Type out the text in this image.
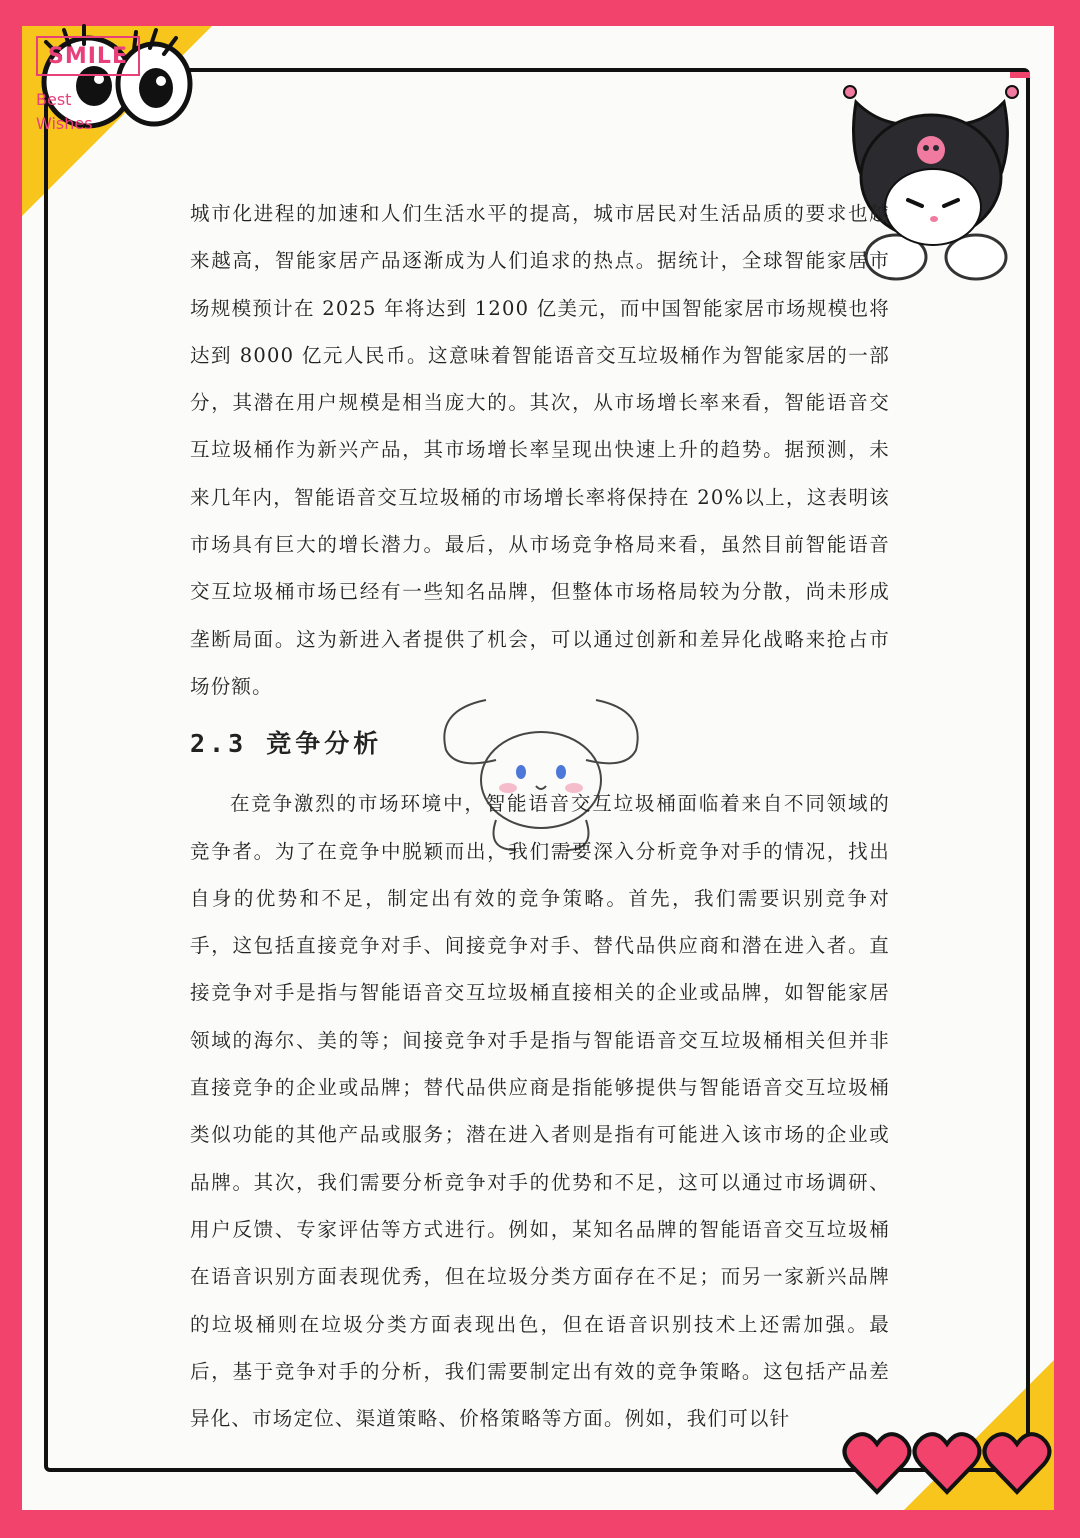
SMILE
Best
Wishes

城市化进程的加速和人们生活水平的提高，城市居民对生活品质的要求也越来越高，智能家居产品逐渐成为人们追求的热点。据统计，全球智能家居市场规模预计在 2025 年将达到 1200 亿美元，而中国智能家居市场规模也将达到 8000 亿元人民币。这意味着智能语音交互垃圾桶作为智能家居的一部分，其潜在用户规模是相当庞大的。其次，从市场增长率来看，智能语音交互垃圾桶作为新兴产品，其市场增长率呈现出快速上升的趋势。据预测，未来几年内，智能语音交互垃圾桶的市场增长率将保持在 20%以上，这表明该市场具有巨大的增长潜力。最后，从市场竞争格局来看，虽然目前智能语音交互垃圾桶市场已经有一些知名品牌，但整体市场格局较为分散，尚未形成垄断局面。这为新进入者提供了机会，可以通过创新和差异化战略来抢占市场份额。

2.3 竞争分析

在竞争激烈的市场环境中，智能语音交互垃圾桶面临着来自不同领域的竞争者。为了在竞争中脱颖而出，我们需要深入分析竞争对手的情况，找出自身的优势和不足，制定出有效的竞争策略。首先，我们需要识别竞争对手，这包括直接竞争对手、间接竞争对手、替代品供应商和潜在进入者。直接竞争对手是指与智能语音交互垃圾桶直接相关的企业或品牌，如智能家居领域的海尔、美的等；间接竞争对手是指与智能语音交互垃圾桶相关但并非直接竞争的企业或品牌；替代品供应商是指能够提供与智能语音交互垃圾桶类似功能的其他产品或服务；潜在进入者则是指有可能进入该市场的企业或品牌。其次，我们需要分析竞争对手的优势和不足，这可以通过市场调研、用户反馈、专家评估等方式进行。例如，某知名品牌的智能语音交互垃圾桶在语音识别方面表现优秀，但在垃圾分类方面存在不足；而另一家新兴品牌的垃圾桶则在垃圾分类方面表现出色，但在语音识别技术上还需加强。最后，基于竞争对手的分析，我们需要制定出有效的竞争策略。这包括产品差异化、市场定位、渠道策略、价格策略等方面。例如，我们可以针
